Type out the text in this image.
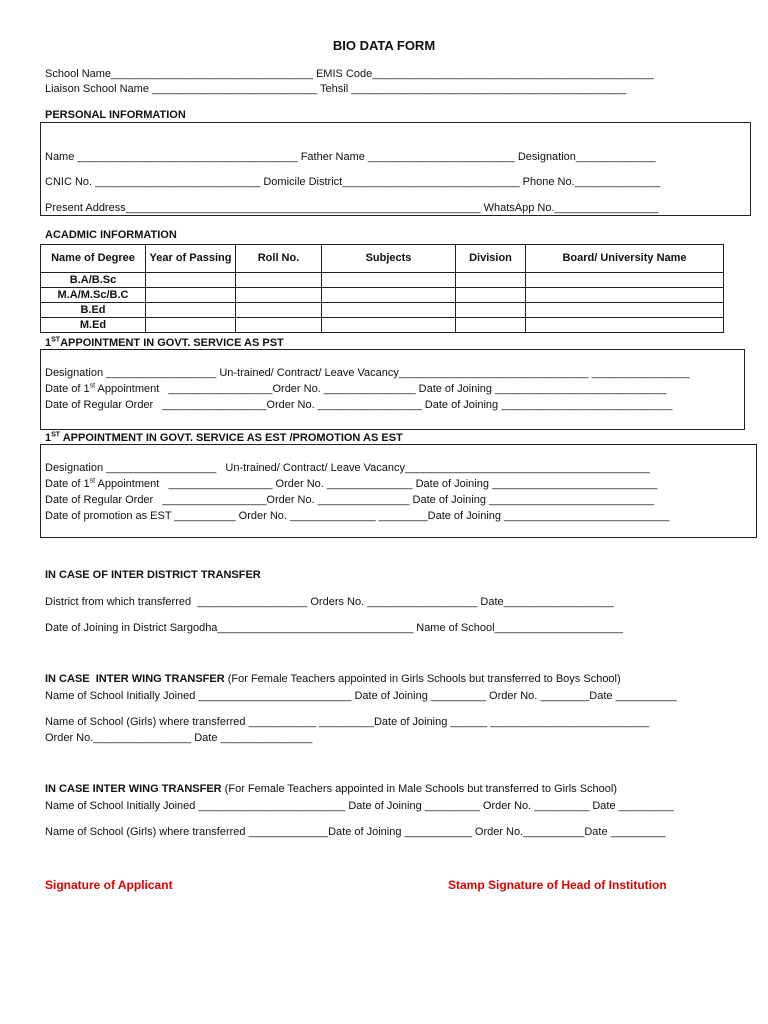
BIO DATA FORM
School Name_________________________________ EMIS Code______________________________________________
Liaison School Name ___________________________ Tehsil _____________________________________________
PERSONAL INFORMATION
Name ____________________________________ Father Name ________________________ Designation_____________
CNIC No. ___________________________ Domicile District_____________________________ Phone No.______________
Present Address__________________________________________________________ WhatsApp No._________________
ACADMIC INFORMATION
Name of Degree	Year of Passing	Roll No.	Subjects	Division	Board/ University Name
B.A/B.Sc					
M.A/M.Sc/B.C					
B.Ed					
M.Ed					
1STAPPOINTMENT IN GOVT. SERVICE AS PST
Designation __________________ Un-trained/ Contract/ Leave Vacancy_______________________________ ________________
Date of 1st Appointment   _________________Order No. _______________ Date of Joining ____________________________
Date of Regular Order   _________________Order No. _________________ Date of Joining ____________________________
1ST APPOINTMENT IN GOVT. SERVICE AS EST /PROMOTION AS EST
Designation __________________   Un-trained/ Contract/ Leave Vacancy________________________________________
Date of 1st Appointment   _________________ Order No. ______________ Date of Joining ___________________________
Date of Regular Order   _________________Order No. _______________ Date of Joining ___________________________
Date of promotion as EST __________ Order No. ______________ ________Date of Joining ___________________________
IN CASE OF INTER DISTRICT TRANSFER
District from which transferred  __________________ Orders No. __________________ Date__________________
Date of Joining in District Sargodha________________________________ Name of School_____________________
IN CASE  INTER WING TRANSFER (For Female Teachers appointed in Girls Schools but transferred to Boys School)
Name of School Initially Joined _________________________ Date of Joining _________ Order No. ________Date __________
Name of School (Girls) where transferred ___________ _________Date of Joining ______ __________________________
Order No.________________ Date _______________
IN CASE INTER WING TRANSFER (For Female Teachers appointed in Male Schools but transferred to Girls School)
Name of School Initially Joined ________________________ Date of Joining _________ Order No. _________ Date _________
Name of School (Girls) where transferred _____________Date of Joining ___________ Order No.__________Date _________
Signature of Applicant	Stamp Signature of Head of Institution
